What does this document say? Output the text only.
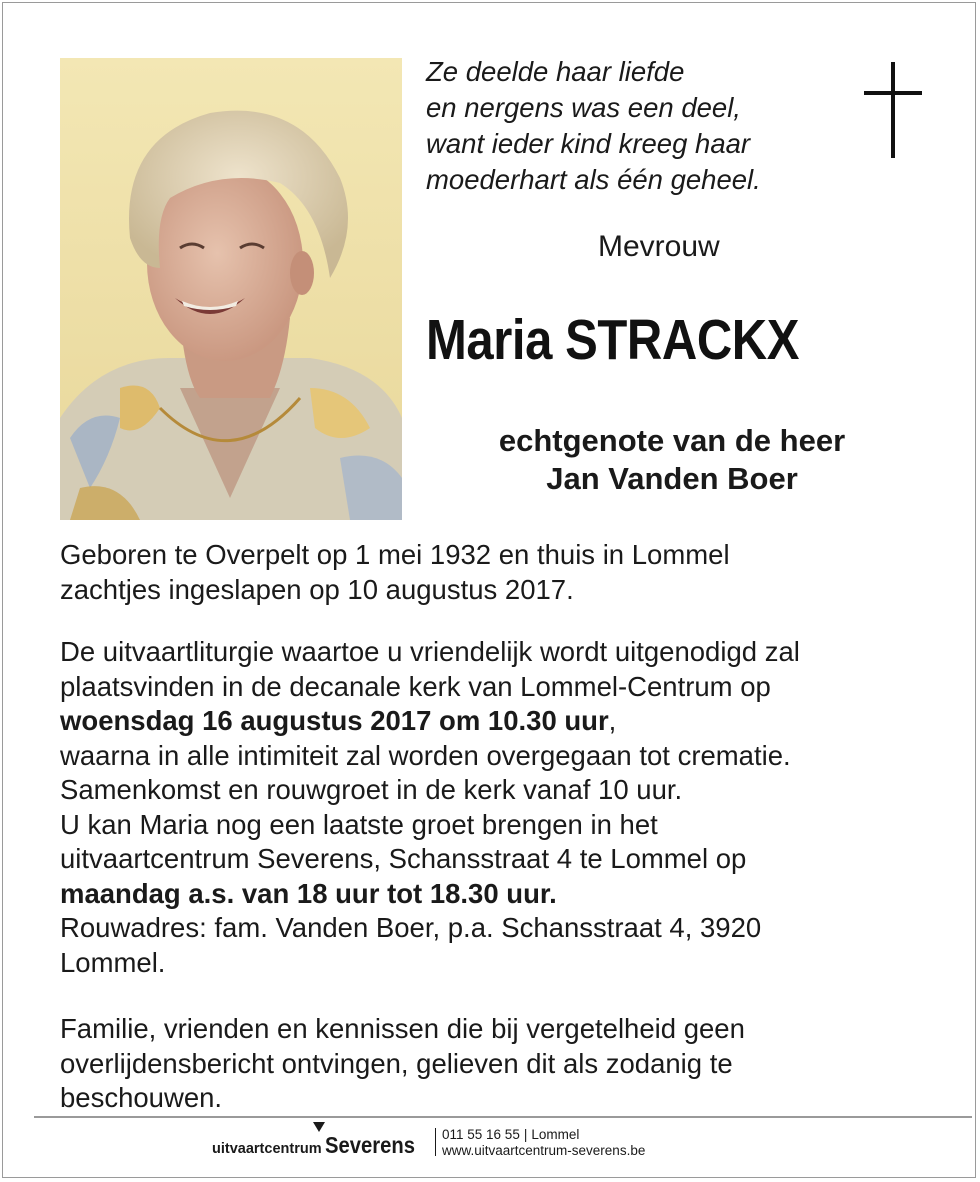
Ze deelde haar liefde
en nergens was een deel,
want ieder kind kreeg haar
moederhart als één geheel.
Mevrouw
Maria STRACKX
echtgenote van de heer
Jan Vanden Boer
Geboren te Overpelt op 1 mei 1932 en thuis in Lommel
zachtjes ingeslapen op 10 augustus 2017.
De uitvaartliturgie waartoe u vriendelijk wordt uitgenodigd zal
plaatsvinden in de decanale kerk van Lommel-Centrum op
woensdag 16 augustus 2017 om 10.30 uur,
waarna in alle intimiteit zal worden overgegaan tot crematie.
Samenkomst en rouwgroet in de kerk vanaf 10 uur.
U kan Maria nog een laatste groet brengen in het
uitvaartcentrum Severens, Schansstraat 4 te Lommel op
maandag a.s. van 18 uur tot 18.30 uur.
Rouwadres: fam. Vanden Boer, p.a. Schansstraat 4, 3920
Lommel.
Familie, vrienden en kennissen die bij vergetelheid geen
overlijdensbericht ontvingen, gelieven dit als zodanig te
beschouwen.
uitvaartcentrum Severens 011 55 16 55 | Lommel
www.uitvaartcentrum-severens.be
